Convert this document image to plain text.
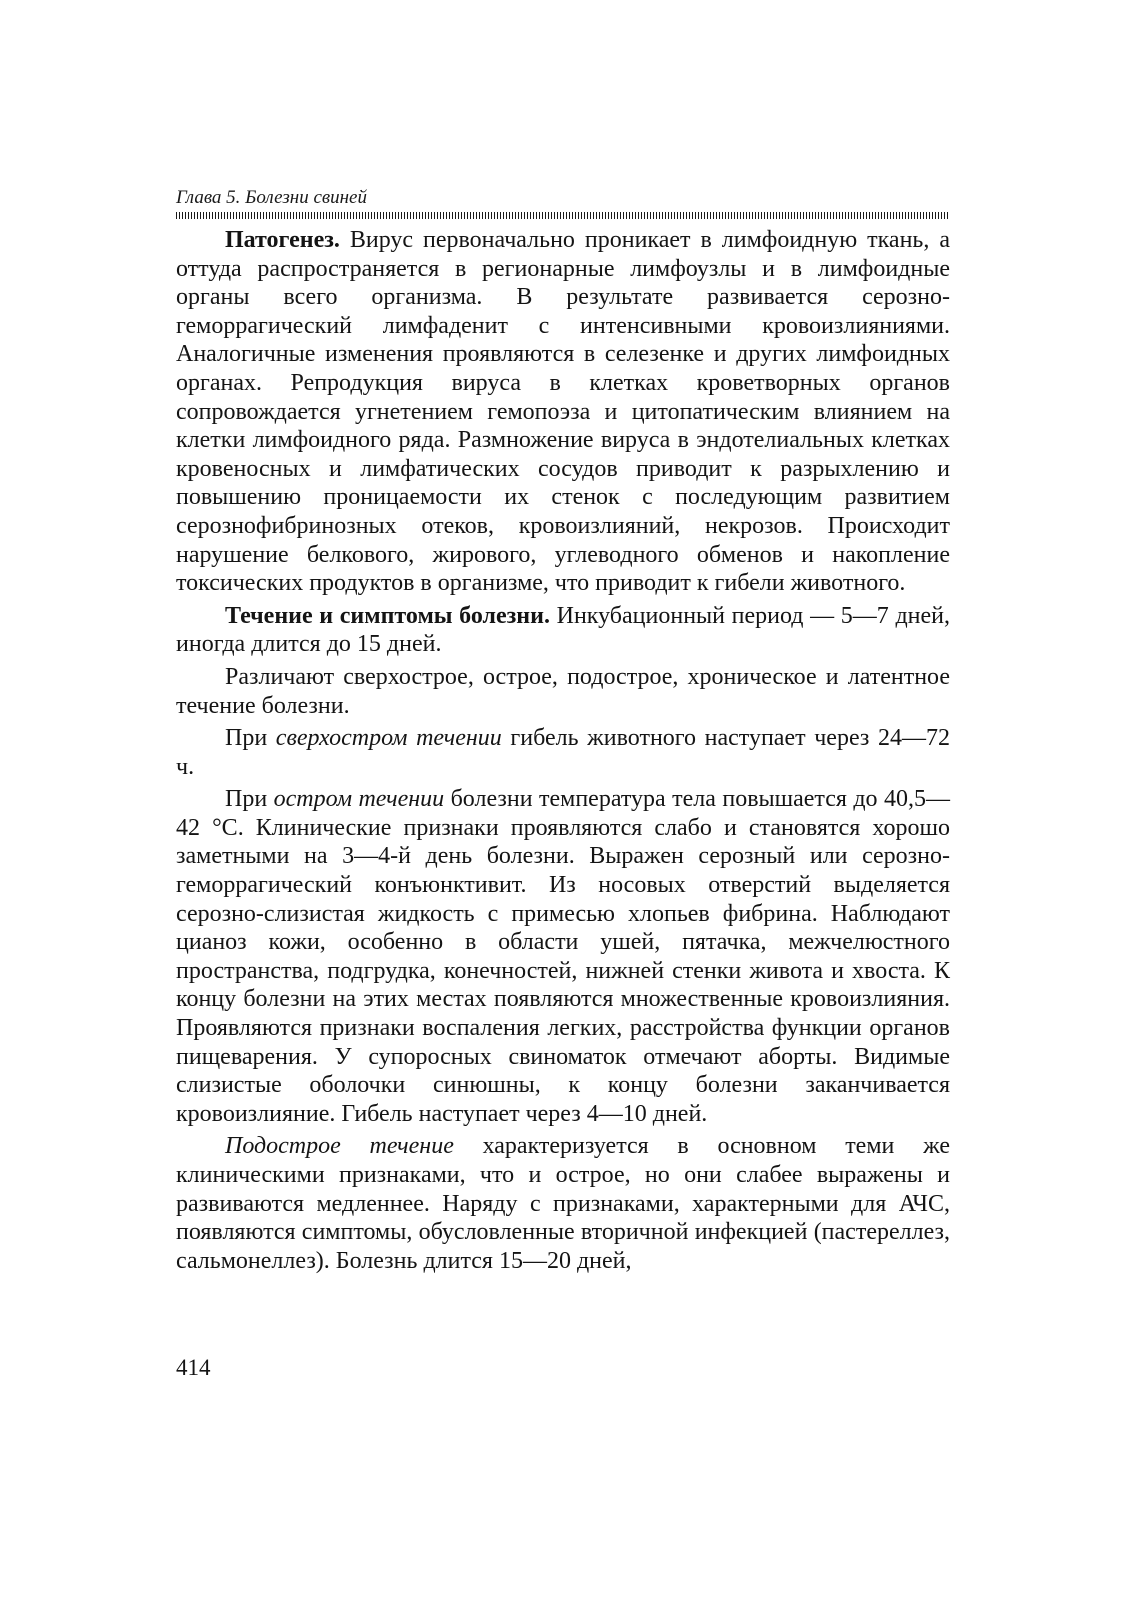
Глава 5. Болезни свиней

Патогенез. Вирус первоначально проникает в лимфоидную ткань, а оттуда распространяется в регионарные лимфоузлы и в лимфоидные органы всего организма. В результате развивается серозно-геморрагический лимфаденит с интенсивными кровоизлияниями. Аналогичные изменения проявляются в селезенке и других лимфоидных органах. Репродукция вируса в клетках кроветворных органов сопровождается угнетением гемопоэза и цитопатическим влиянием на клетки лимфоидного ряда. Размножение вируса в эндотелиальных клетках кровеносных и лимфатических сосудов приводит к разрыхлению и повышению проницаемости их стенок с последующим развитием серознофибринозных отеков, кровоизлияний, некрозов. Происходит нарушение белкового, жирового, углеводного обменов и накопление токсических продуктов в организме, что приводит к гибели животного.

Течение и симптомы болезни. Инкубационный период — 5—7 дней, иногда длится до 15 дней.

Различают сверхострое, острое, подострое, хроническое и латентное течение болезни.

При сверхостром течении гибель животного наступает через 24—72 ч.

При остром течении болезни температура тела повышается до 40,5—42 °С. Клинические признаки проявляются слабо и становятся хорошо заметными на 3—4-й день болезни. Выражен серозный или серозно-геморрагический конъюнктивит. Из носовых отверстий выделяется серозно-слизистая жидкость с примесью хлопьев фибрина. Наблюдают цианоз кожи, особенно в области ушей, пятачка, межчелюстного пространства, подгрудка, конечностей, нижней стенки живота и хвоста. К концу болезни на этих местах появляются множественные кровоизлияния. Проявляются признаки воспаления легких, расстройства функции органов пищеварения. У супоросных свиноматок отмечают аборты. Видимые слизистые оболочки синюшны, к концу болезни заканчивается кровоизлияние. Гибель наступает через 4—10 дней.

Подострое течение характеризуется в основном теми же клиническими признаками, что и острое, но они слабее выражены и развиваются медленнее. Наряду с признаками, характерными для АЧС, появляются симптомы, обусловленные вторичной инфекцией (пастереллез, сальмонеллез). Болезнь длится 15—20 дней,

414
